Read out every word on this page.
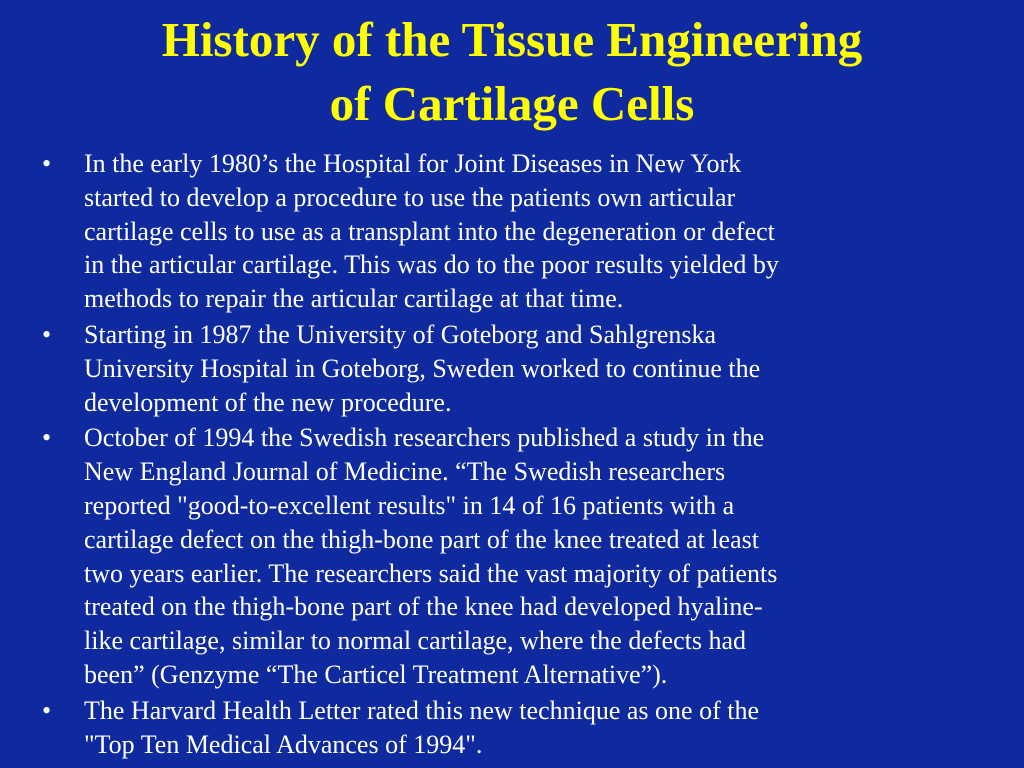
History of the Tissue Engineering
of Cartilage Cells
•	In the early 1980’s the Hospital for Joint Diseases in New York
started to develop a procedure to use the patients own articular
cartilage cells to use as a transplant into the degeneration or defect
in the articular cartilage. This was do to the poor results yielded by
methods to repair the articular cartilage at that time.
•	Starting in 1987 the University of Goteborg and Sahlgrenska
University Hospital in Goteborg, Sweden worked to continue the
development of the new procedure.
•	October of 1994 the Swedish researchers published a study in the
New England Journal of Medicine. “The Swedish researchers
reported "good-to-excellent results" in 14 of 16 patients with a
cartilage defect on the thigh-bone part of the knee treated at least
two years earlier. The researchers said the vast majority of patients
treated on the thigh-bone part of the knee had developed hyaline-
like cartilage, similar to normal cartilage, where the defects had
been” (Genzyme “The Carticel Treatment Alternative”).
•	The Harvard Health Letter rated this new technique as one of the
"Top Ten Medical Advances of 1994".
